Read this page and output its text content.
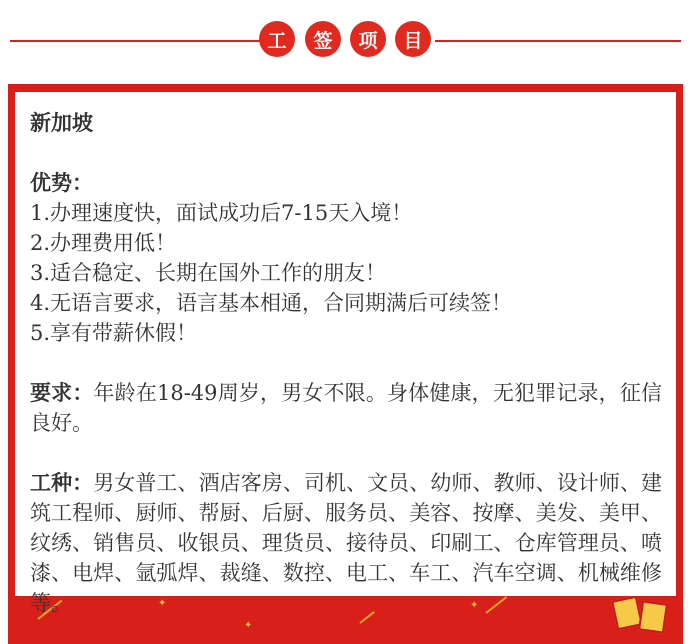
工	签	项	目
✦
✦
✦

新加坡

优势：

1.办理速度快，面试成功后7-15天入境！

2.办理费用低！

3.适合稳定、长期在国外工作的朋友！

4.无语言要求，语言基本相通，合同期满后可续签！

5.享有带薪休假！

要求：年龄在18-49周岁，男女不限。身体健康，无犯罪记录，征信良好。

工种：男女普工、酒店客房、司机、文员、幼师、教师、设计师、建筑工程师、厨师、帮厨、后厨、服务员、美容、按摩、美发、美甲、纹绣、销售员、收银员、理货员、接待员、印刷工、仓库管理员、喷漆、电焊、氩弧焊、裁缝、数控、电工、车工、汽车空调、机械维修等。
